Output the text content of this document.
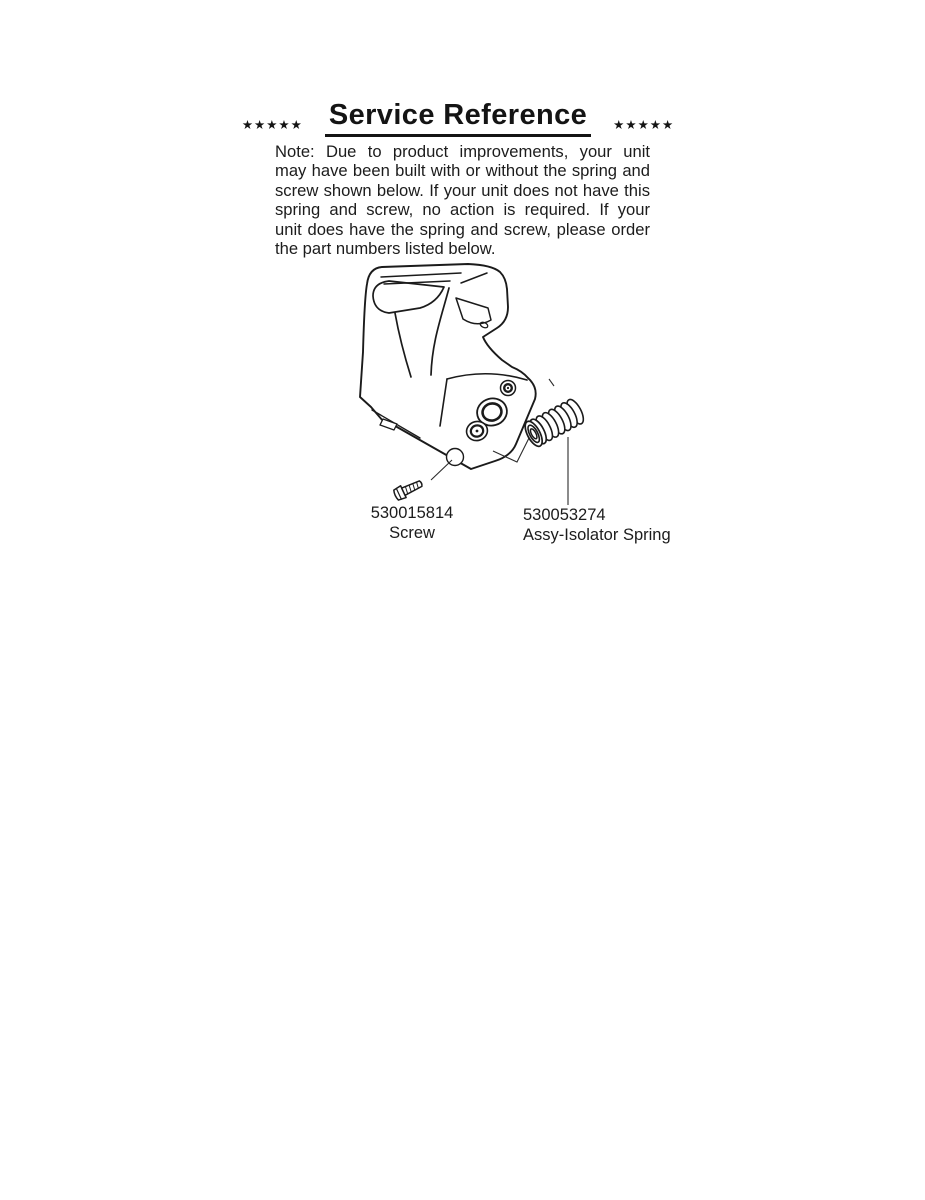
★★★★★ Service Reference	★★★★★
Note: Due to product improvements, your unit
may have been built with or without the spring and
screw shown below. If your unit does not have this
spring and screw, no action is required. If your
unit does have the spring and screw, please order
the part numbers listed below.
530015814
Screw
530053274
Assy-Isolator Spring
